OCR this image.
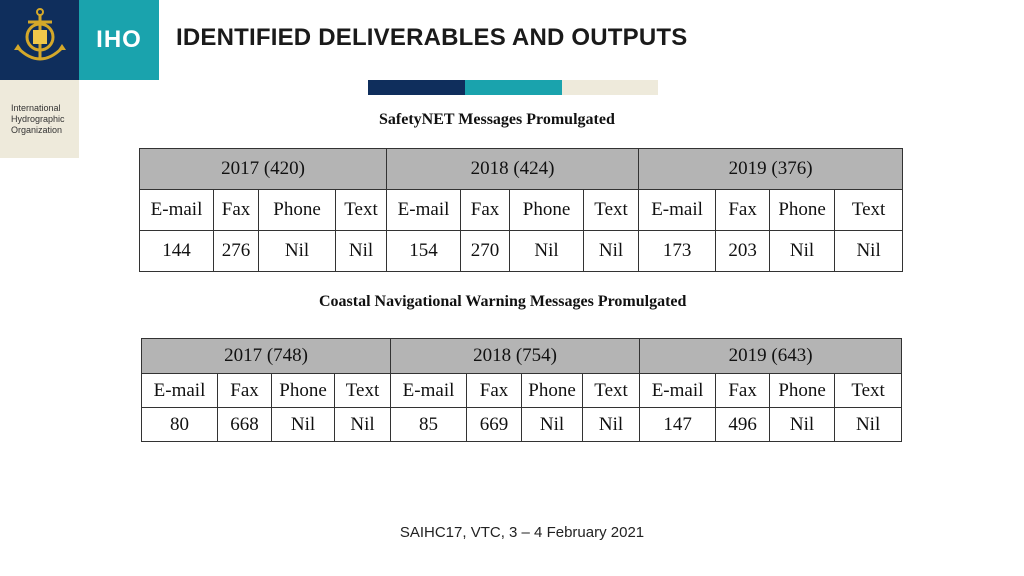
IHO
International
Hydrographic
Organization
IDENTIFIED DELIVERABLES AND OUTPUTS
SafetyNET Messages Promulgated
2017 (420)				2018 (424)				2019 (376)			
E-mail	Fax	Phone	Text	E-mail	Fax	Phone	Text	E-mail	Fax	Phone	Text
144	276	Nil	Nil	154	270	Nil	Nil	173	203	Nil	Nil
Coastal Navigational Warning Messages Promulgated
2017 (748)				2018 (754)				2019 (643)			
E-mail	Fax	Phone	Text	E-mail	Fax	Phone	Text	E-mail	Fax	Phone	Text
80	668	Nil	Nil	85	669	Nil	Nil	147	496	Nil	Nil
SAIHC17, VTC, 3 – 4 February 2021
